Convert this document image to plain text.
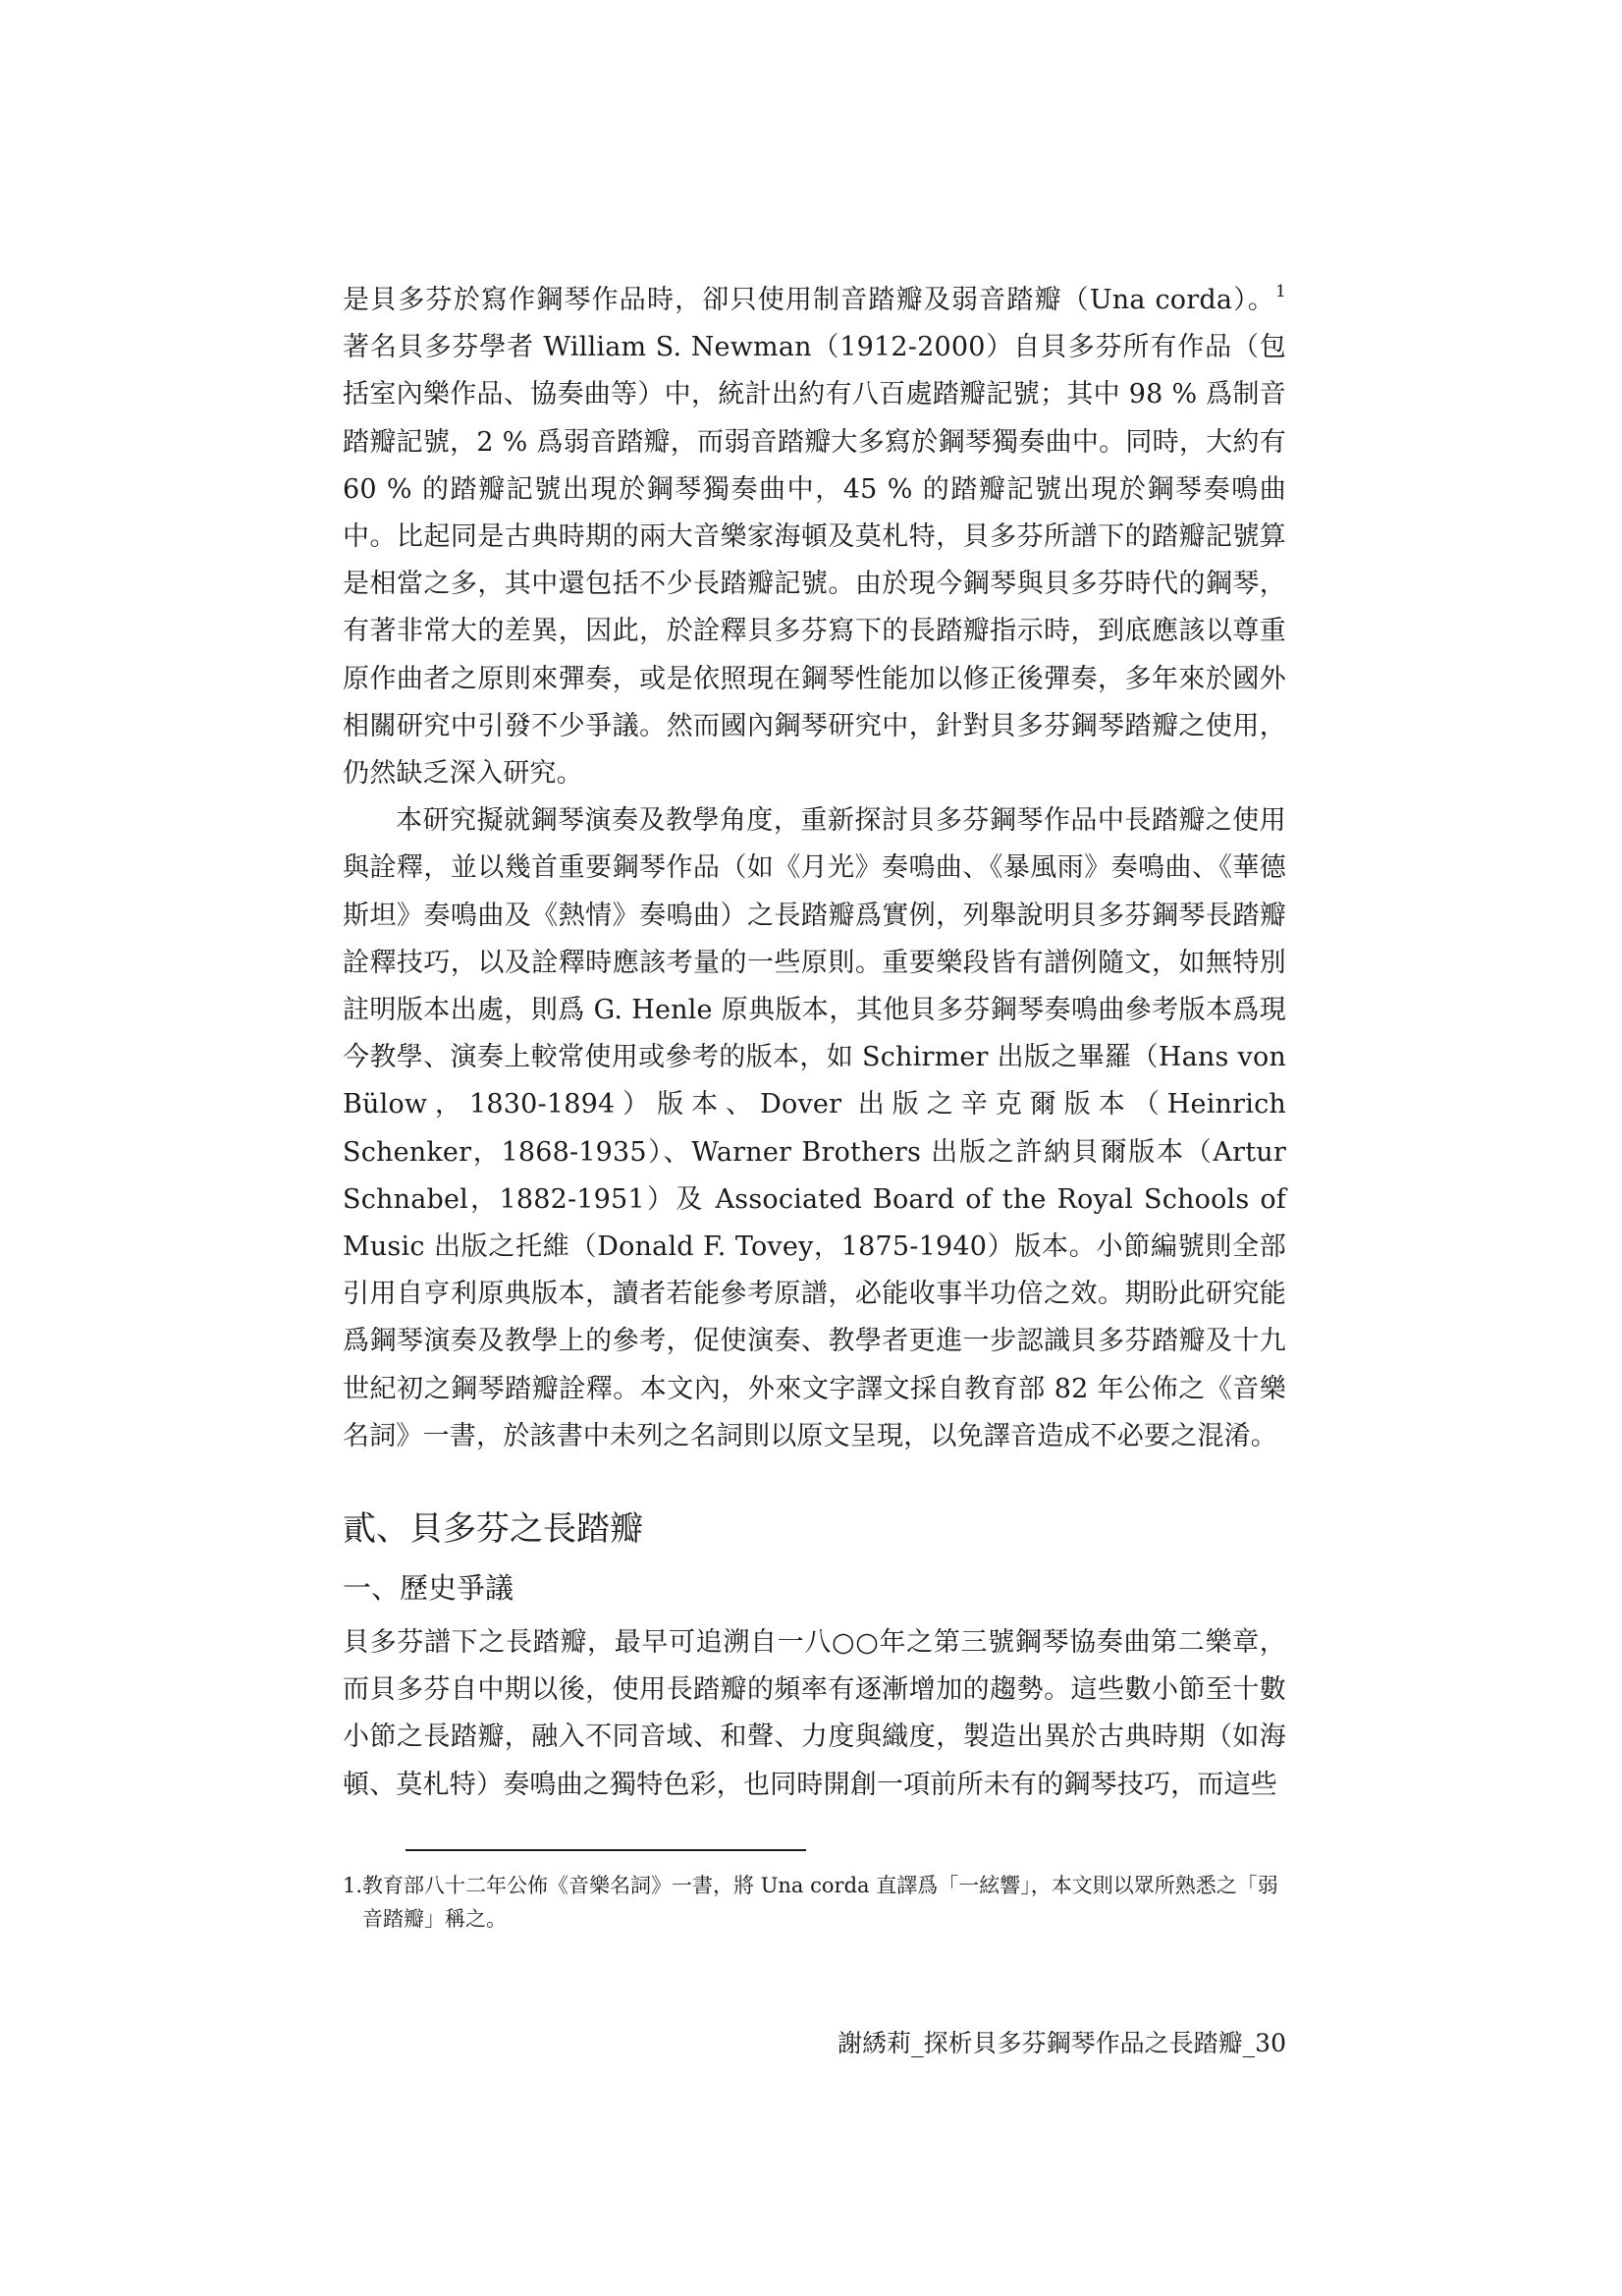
是貝多芬於寫作鋼琴作品時，卻只使用制音踏瓣及弱音踏瓣（Una corda）。$^1$ 著名貝多芬學者 William S. Newman（1912-2000）自貝多芬所有作品（包括室內樂作品、協奏曲等）中，統計出約有八百處踏瓣記號；其中 98 % 爲制音踏瓣記號，2 % 爲弱音踏瓣，而弱音踏瓣大多寫於鋼琴獨奏曲中。同時，大約有 60 % 的踏瓣記號出現於鋼琴獨奏曲中，45 % 的踏瓣記號出現於鋼琴奏鳴曲中。比起同是古典時期的兩大音樂家海頓及莫札特，貝多芬所譜下的踏瓣記號算是相當之多，其中還包括不少長踏瓣記號。由於現今鋼琴與貝多芬時代的鋼琴，有著非常大的差異，因此，於詮釋貝多芬寫下的長踏瓣指示時，到底應該以尊重原作曲者之原則來彈奏，或是依照現在鋼琴性能加以修正後彈奏，多年來於國外相關研究中引發不少爭議。然而國內鋼琴研究中，針對貝多芬鋼琴踏瓣之使用，仍然缺乏深入研究。

本研究擬就鋼琴演奏及教學角度，重新探討貝多芬鋼琴作品中長踏瓣之使用與詮釋，並以幾首重要鋼琴作品（如《月光》奏鳴曲、《暴風雨》奏鳴曲、《華德斯坦》奏鳴曲及《熱情》奏鳴曲）之長踏瓣爲實例，列舉說明貝多芬鋼琴長踏瓣詮釋技巧，以及詮釋時應該考量的一些原則。重要樂段皆有譜例隨文，如無特別註明版本出處，則爲 G. Henle 原典版本，其他貝多芬鋼琴奏鳴曲參考版本爲現今教學、演奏上較常使用或參考的版本，如 Schirmer 出版之畢羅（Hans von Bülow，1830-1894）版本、Dover 出版之辛克爾版本（Heinrich Schenker，1868-1935）、Warner Brothers 出版之許納貝爾版本（Artur Schnabel，1882-1951）及 Associated Board of the Royal Schools of Music 出版之托維（Donald F. Tovey，1875-1940）版本。小節編號則全部引用自亨利原典版本，讀者若能參考原譜，必能收事半功倍之效。期盼此研究能爲鋼琴演奏及教學上的參考，促使演奏、教學者更進一步認識貝多芬踏瓣及十九世紀初之鋼琴踏瓣詮釋。本文內，外來文字譯文採自教育部 82 年公佈之《音樂名詞》一書，於該書中未列之名詞則以原文呈現，以免譯音造成不必要之混淆。

貳、貝多芬之長踏瓣
一、歷史爭議

貝多芬譜下之長踏瓣，最早可追溯自一八○○年之第三號鋼琴協奏曲第二樂章，而貝多芬自中期以後，使用長踏瓣的頻率有逐漸增加的趨勢。這些數小節至十數小節之長踏瓣，融入不同音域、和聲、力度與織度，製造出異於古典時期（如海頓、莫札特）奏鳴曲之獨特色彩，也同時開創一項前所未有的鋼琴技巧，而這些

1.教育部八十二年公佈《音樂名詞》一書，將 Una corda 直譯爲「一絃響」，本文則以眾所熟悉之「弱音踏瓣」稱之。

謝綉莉_探析貝多芬鋼琴作品之長踏瓣_30
